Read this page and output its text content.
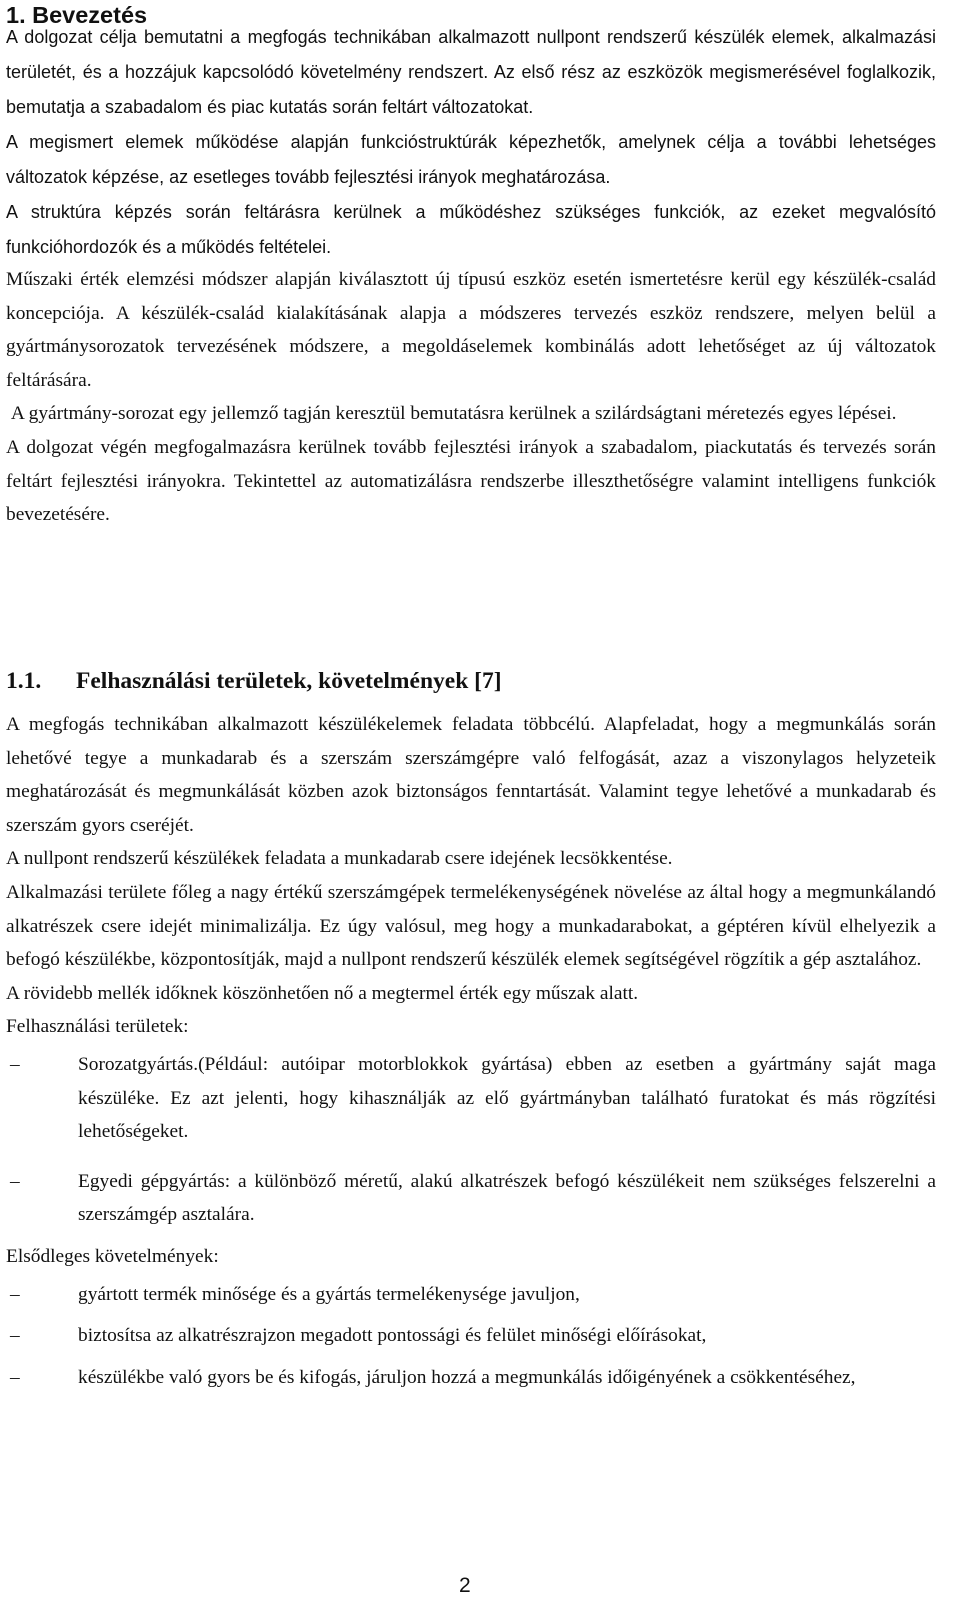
1. Bevezetés

A dolgozat célja bemutatni a megfogás technikában alkalmazott nullpont rendszerű készülék elemek, alkalmazási területét, és a hozzájuk kapcsolódó követelmény rendszert. Az első rész az eszközök megismerésével foglalkozik, bemutatja a szabadalom és piac kutatás során feltárt változatokat.

A megismert elemek működése alapján funkcióstruktúrák képezhetők, amelynek célja a további lehetséges változatok képzése, az esetleges tovább fejlesztési irányok meghatározása.

A struktúra képzés során feltárásra kerülnek a működéshez szükséges funkciók, az ezeket megvalósító funkcióhordozók és a működés feltételei.

Műszaki érték elemzési módszer alapján kiválasztott új típusú eszköz esetén ismertetésre kerül egy készülék-család koncepciója. A készülék-család kialakításának alapja a módszeres tervezés eszköz rendszere, melyen belül a gyártmánysorozatok tervezésének módszere, a megoldáselemek kombinálás adott lehetőséget az új változatok feltárására.

A gyártmány-sorozat egy jellemző tagján keresztül bemutatásra kerülnek a szilárdságtani méretezés egyes lépései.

A dolgozat végén megfogalmazásra kerülnek tovább fejlesztési irányok a szabadalom, piackutatás és tervezés során feltárt fejlesztési irányokra. Tekintettel az automatizálásra rendszerbe illeszthetőségre valamint intelligens funkciók bevezetésére.

1.1. Felhasználási területek, követelmények [7]

A megfogás technikában alkalmazott készülékelemek feladata többcélú. Alapfeladat, hogy a megmunkálás során lehetővé tegye a munkadarab és a szerszám szerszámgépre való felfogását, azaz a viszonylagos helyzeteik meghatározását és megmunkálását közben azok biztonságos fenntartását. Valamint tegye lehetővé a munkadarab és szerszám gyors cseréjét.

A nullpont rendszerű készülékek feladata a munkadarab csere idejének lecsökkentése.

Alkalmazási területe főleg a nagy értékű szerszámgépek termelékenységének növelése az által hogy a megmunkálandó alkatrészek csere idejét minimalizálja. Ez úgy valósul, meg hogy a munkadarabokat, a géptéren kívül elhelyezik a befogó készülékbe, központosítják, majd a nullpont rendszerű készülék elemek segítségével rögzítik a gép asztalához.

A rövidebb mellék időknek köszönhetően nő a megtermel érték egy műszak alatt.

Felhasználási területek:

–	Sorozatgyártás.(Például: autóipar motorblokkok gyártása) ebben az esetben a gyártmány saját maga készüléke. Ez azt jelenti, hogy kihasználják az elő gyártmányban található furatokat és más rögzítési lehetőségeket.
–	Egyedi gépgyártás: a különböző méretű, alakú alkatrészek befogó készülékeit nem szükséges felszerelni a szerszámgép asztalára.

Elsődleges követelmények:

–	gyártott termék minősége és a gyártás termelékenysége javuljon,
–	biztosítsa az alkatrészrajzon megadott pontossági és felület minőségi előírásokat,
–	készülékbe való gyors be és kifogás, járuljon hozzá a megmunkálás időigényének a csökkentéséhez,
2
